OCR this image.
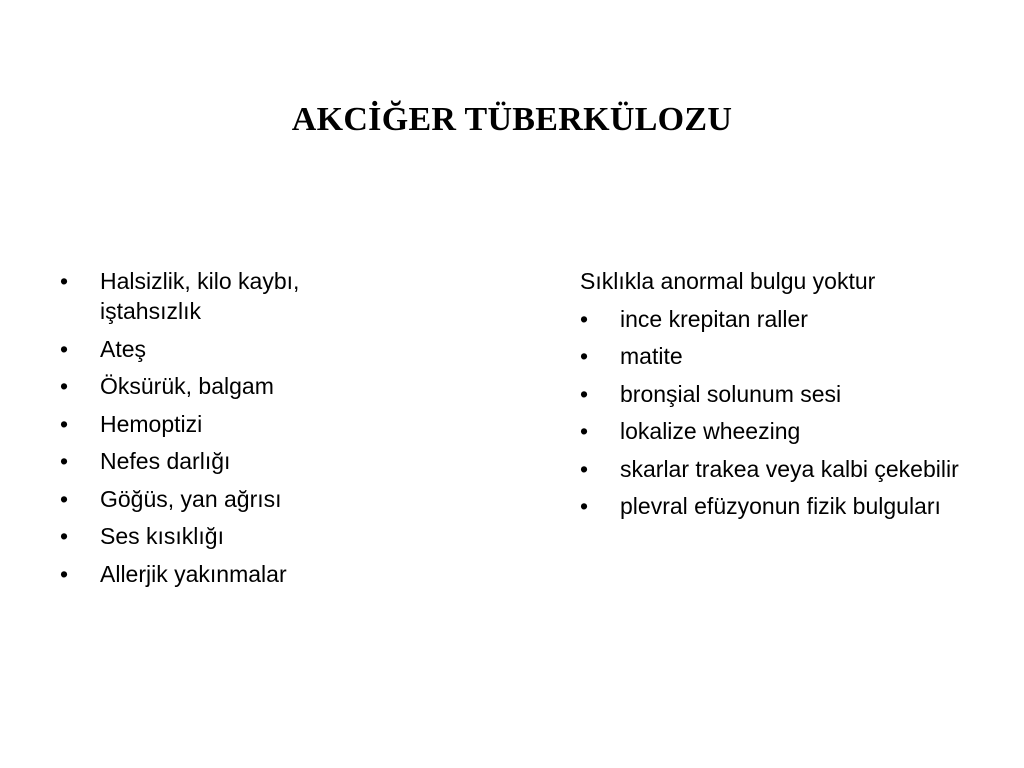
AKCİĞER TÜBERKÜLOZU
•	Halsizlik, kilo kaybı, iştahsızlık
•	Ateş
•	Öksürük, balgam
•	Hemoptizi
•	Nefes darlığı
•	Göğüs, yan ağrısı
•	Ses kısıklığı
•	Allerjik yakınmalar
Sıklıkla anormal bulgu yoktur
•	ince krepitan raller
•	matite
•	bronşial solunum sesi
•	lokalize wheezing
•	skarlar trakea veya kalbi çekebilir
•	plevral efüzyonun fizik bulguları
